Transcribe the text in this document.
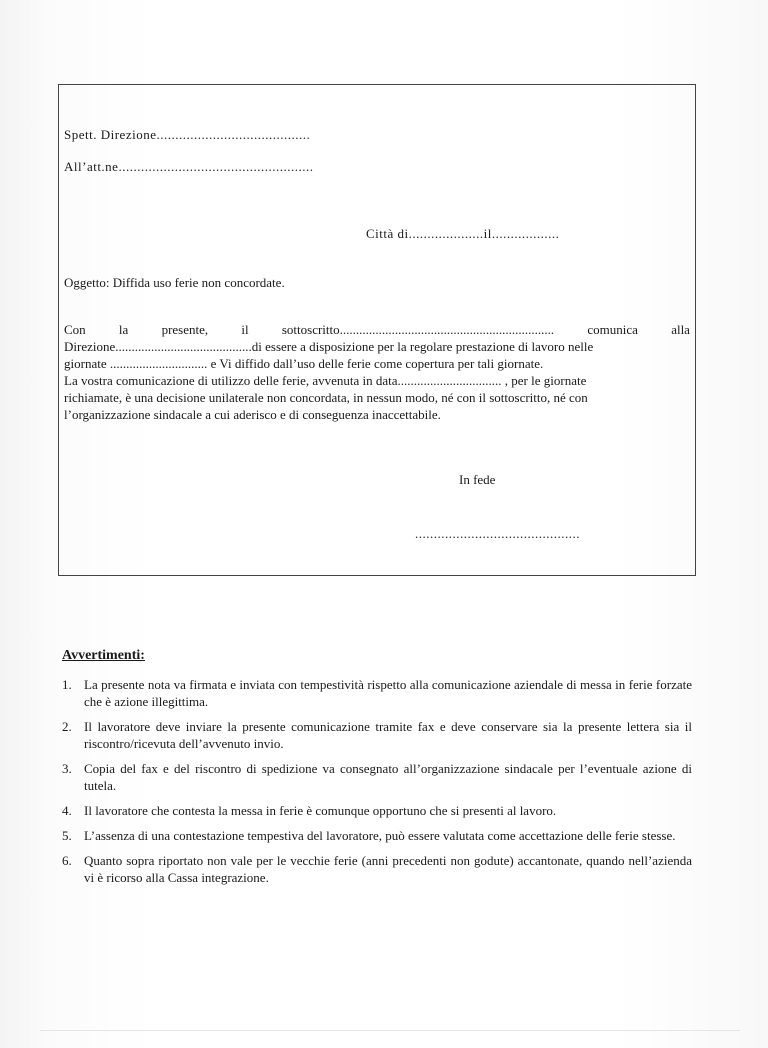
Spett. Direzione.........................................
All’att.ne....................................................
Città di....................il..................
Oggetto: Diffida uso ferie non concordate.
Con	la	presente,	il	sottoscritto..................................................................	comunica	alla
Direzione..........................................di essere a disposizione per la regolare prestazione di lavoro nelle
giornate .............................. e Vi diffido dall’uso delle ferie come copertura per tali giornate.
La vostra comunicazione di utilizzo delle ferie, avvenuta in data................................ , per le giornate
richiamate, è una decisione unilaterale non concordata, in nessun modo, né con il sottoscritto, né con
l’organizzazione sindacale a cui aderisco e di conseguenza inaccettabile.
In fede
............................................
Avvertimenti:
1. La presente nota va firmata e inviata con tempestività rispetto alla comunicazione aziendale di messa in ferie forzate che è azione illegittima.
2. Il lavoratore deve inviare la presente comunicazione tramite fax e deve conservare sia la presente lettera sia il riscontro/ricevuta dell’avvenuto invio.
3. Copia del fax e del riscontro di spedizione va consegnato all’organizzazione sindacale per l’eventuale azione di tutela.
4. Il lavoratore che contesta la messa in ferie è comunque opportuno che si presenti al lavoro.
5. L’assenza di una contestazione tempestiva del lavoratore, può essere valutata come accettazione delle ferie stesse.
6. Quanto sopra riportato non vale per le vecchie ferie (anni precedenti non godute) accantonate, quando nell’azienda vi è ricorso alla Cassa integrazione.
